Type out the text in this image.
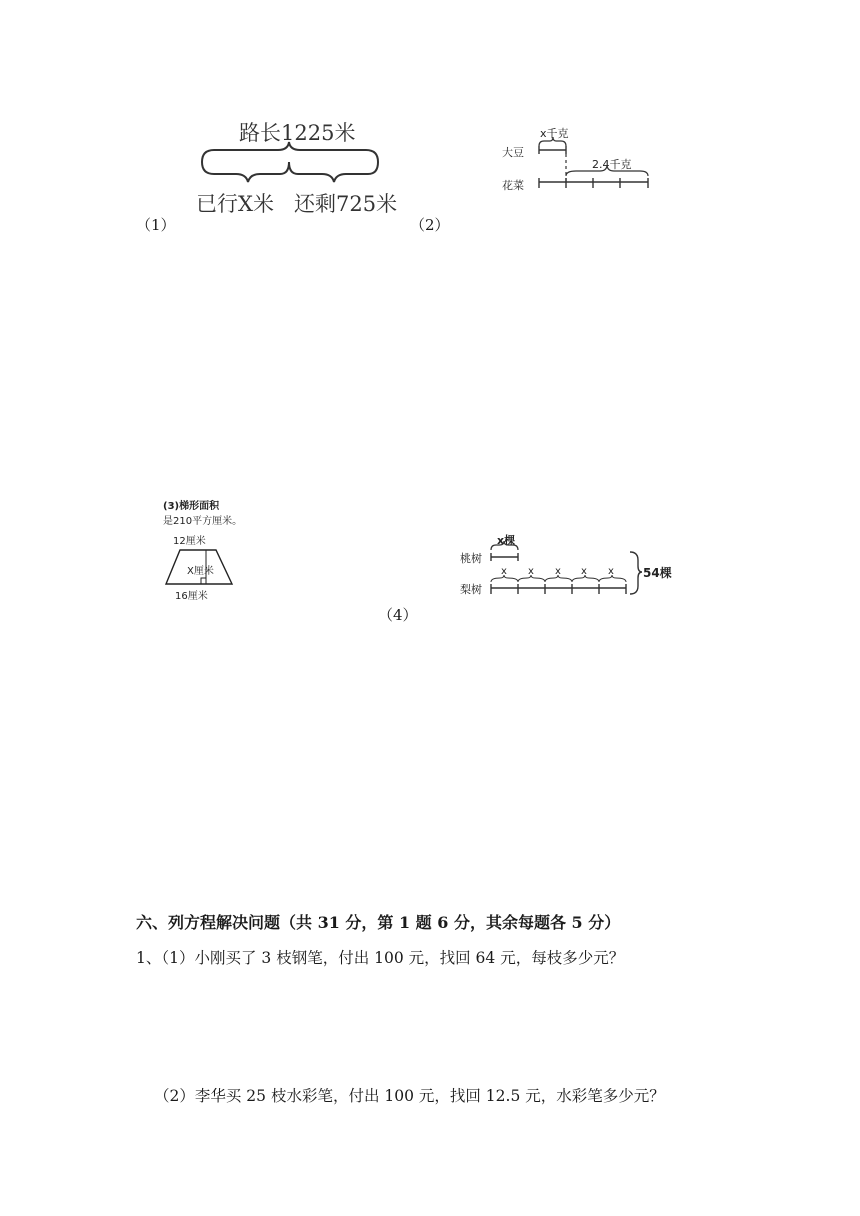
（1）
路长1225米
已行X米 还剩725米
（2）
x千克
大豆
2.4千克
花菜
(3)梯形面积
是210平方厘米。
12厘米
X厘米
16厘米
（4）
x棵
桃树
梨树
x x x x x 54棵
六、列方程解决问题（共 31 分，第 1 题 6 分，其余每题各 5 分）
1、（1）小刚买了 3 枝钢笔，付出 100 元，找回 64 元，每枝多少元？
（2）李华买 25 枝水彩笔，付出 100 元，找回 12.5 元，水彩笔多少元？
